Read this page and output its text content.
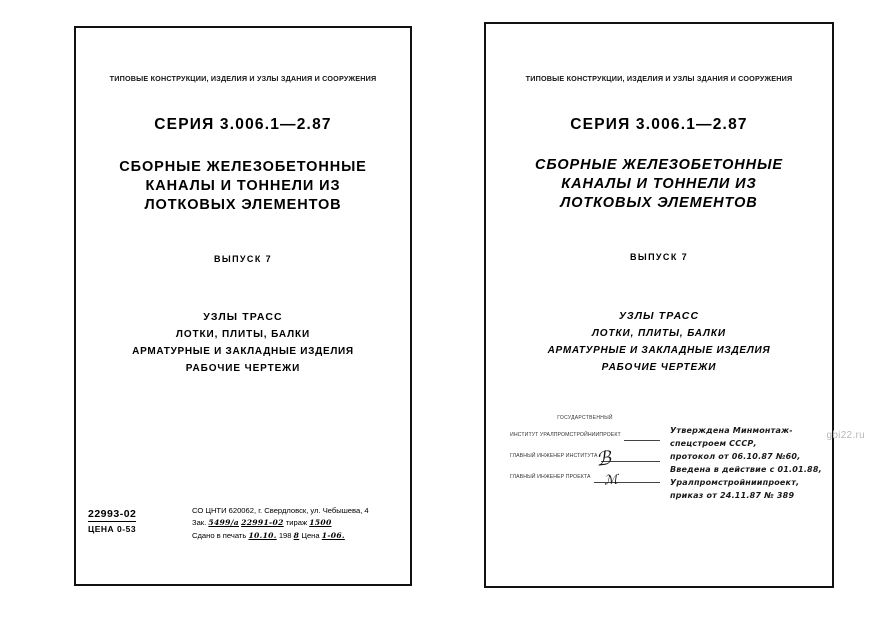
ТИПОВЫЕ КОНСТРУКЦИИ, ИЗДЕЛИЯ И УЗЛЫ ЗДАНИЯ И СООРУЖЕНИЯ
СЕРИЯ 3.006.1—2.87
СБОРНЫЕ ЖЕЛЕЗОБЕТОННЫЕ
КАНАЛЫ И ТОННЕЛИ ИЗ
ЛОТКОВЫХ ЭЛЕМЕНТОВ
ВЫПУСК 7
УЗЛЫ ТРАСС
ЛОТКИ, ПЛИТЫ, БАЛКИ
АРМАТУРНЫЕ И ЗАКЛАДНЫЕ ИЗДЕЛИЯ
РАБОЧИЕ ЧЕРТЕЖИ
22993-02
ЦЕНА 0-53
СО ЦНТИ 620062, г. Свердловск, ул. Чебышева, 4
Зак. 5499/а 22991-02 тираж 1500
Сдано в печать 10.10. 198 8 Цена 1-06.
ТИПОВЫЕ КОНСТРУКЦИИ, ИЗДЕЛИЯ И УЗЛЫ ЗДАНИЯ И СООРУЖЕНИЯ
СЕРИЯ 3.006.1—2.87
СБОРНЫЕ ЖЕЛЕЗОБЕТОННЫЕ
КАНАЛЫ И ТОННЕЛИ ИЗ
ЛОТКОВЫХ ЭЛЕМЕНТОВ
ВЫПУСК 7
УЗЛЫ ТРАСС
ЛОТКИ, ПЛИТЫ, БАЛКИ
АРМАТУРНЫЕ И ЗАКЛАДНЫЕ ИЗДЕЛИЯ
РАБОЧИЕ ЧЕРТЕЖИ
ГОСУДАРСТВЕННЫЙ
ИНСТИТУТ УРАЛПРОМСТРОЙНИИПРОЕКТ
ГЛАВНЫЙ ИНЖЕНЕР ИНСТИТУТА
ГЛАВНЫЙ ИНЖЕНЕР ПРОЕКТА
ℬ
ℳ
Утверждена Минмонтаж-
спецстроем СССР,
протокол от 06.10.87 №60,
Введена в действие с 01.01.88,
Уралпромстройниипроект,
приказ от 24.11.87 № 389
gbi22.ru
